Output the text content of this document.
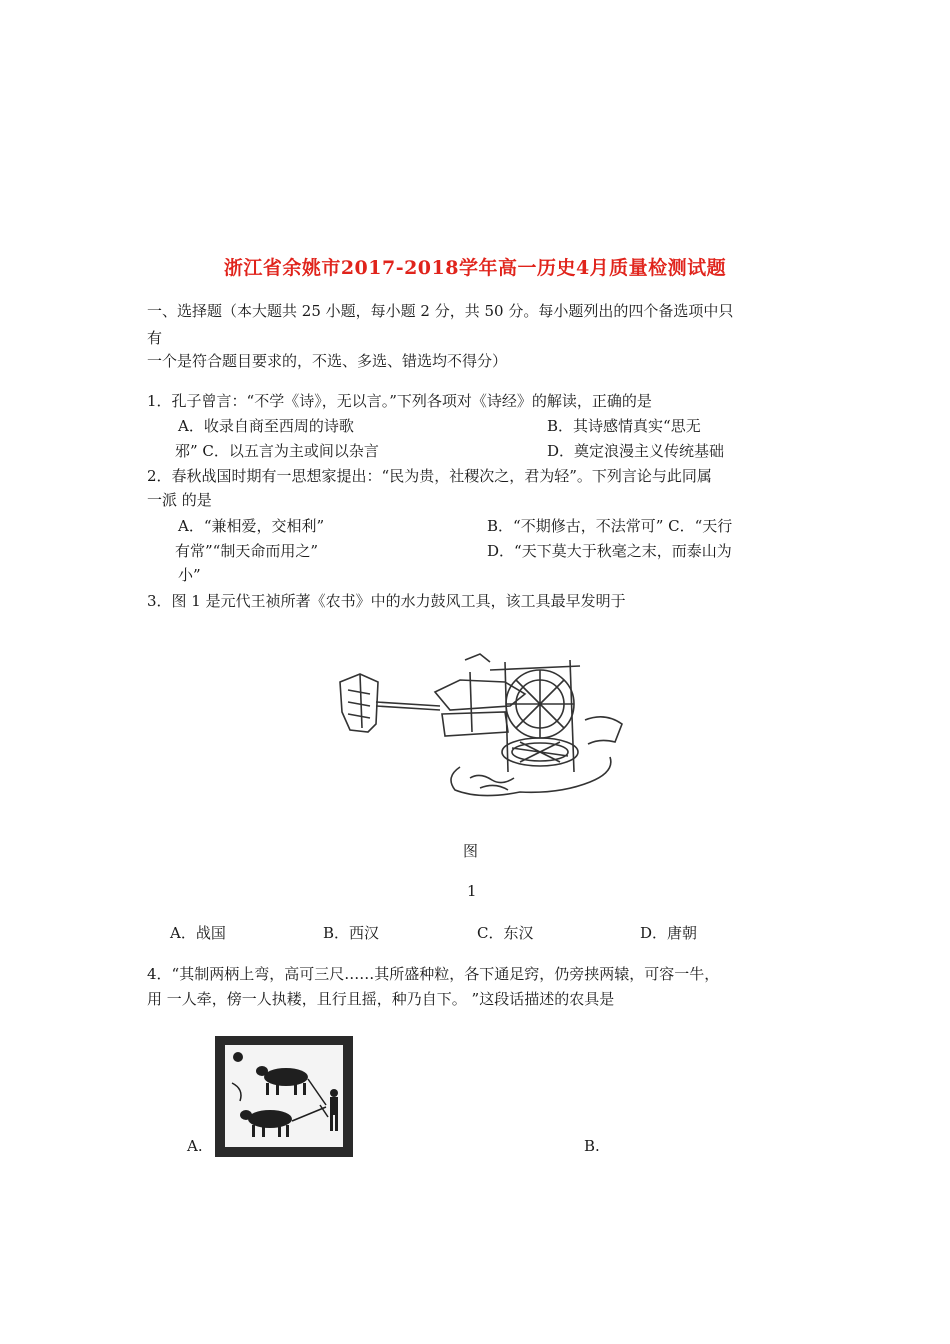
浙江省余姚市2017-2018学年高一历史4月质量检测试题
一、选择题（本大题共 25 小题，每小题 2 分，共 50 分。每小题列出的四个备选项中只
有
一个是符合题目要求的，不选、多选、错选均不得分）
1．孔子曾言：“不学《诗》，无以言。”下列各项对《诗经》的解读，正确的是
A．收录自商至西周的诗歌	B．其诗感情真实“思无
邪” C．以五言为主或间以杂言	D．奠定浪漫主义传统基础
2．春秋战国时期有一思想家提出：“民为贵，社稷次之，君为轻”。下列言论与此同属
一派 的是
A．“兼相爱，交相利”	B．“不期修古，不法常可” C．“天行
有常”“制天命而用之”	D．“天下莫大于秋毫之末，而泰山为
小”
3．图 1 是元代王祯所著《农书》中的水力鼓风工具，该工具最早发明于
图
1
A．战国	B．西汉	C．东汉	D．唐朝
4．“其制两柄上弯，高可三尺……其所盛种粒，各下通足窍，仍旁挟两辕，可容一牛，
用 一人牵，傍一人执耧，且行且摇，种乃自下。 ”这段话描述的农具是
A.	B.
